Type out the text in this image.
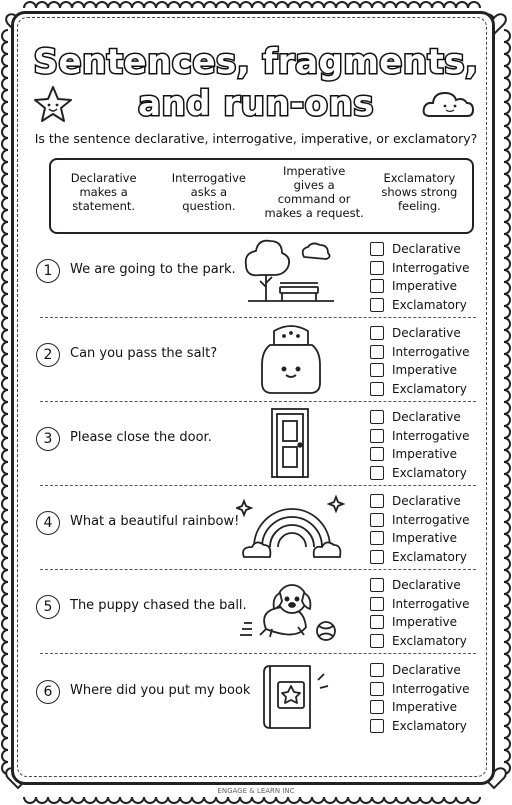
Sentences, fragments,
and run-ons
Is the sentence declarative, interrogative, imperative, or exclamatory?
Declarative
makes a
statement.
Interrogative
asks a
question.
Imperative
gives a
command or
makes a request.
Exclamatory
shows strong
feeling.
1	We are going to the park.
Declarative
Interrogative
Imperative
Exclamatory
2	Can you pass the salt?
Declarative
Interrogative
Imperative
Exclamatory
3	Please close the door.
Declarative
Interrogative
Imperative
Exclamatory
4	What a beautiful rainbow!
Declarative
Interrogative
Imperative
Exclamatory
5	The puppy chased the ball.
Declarative
Interrogative
Imperative
Exclamatory
6	Where did you put my book
Declarative
Interrogative
Imperative
Exclamatory
ENGAGE & LEARN INC
